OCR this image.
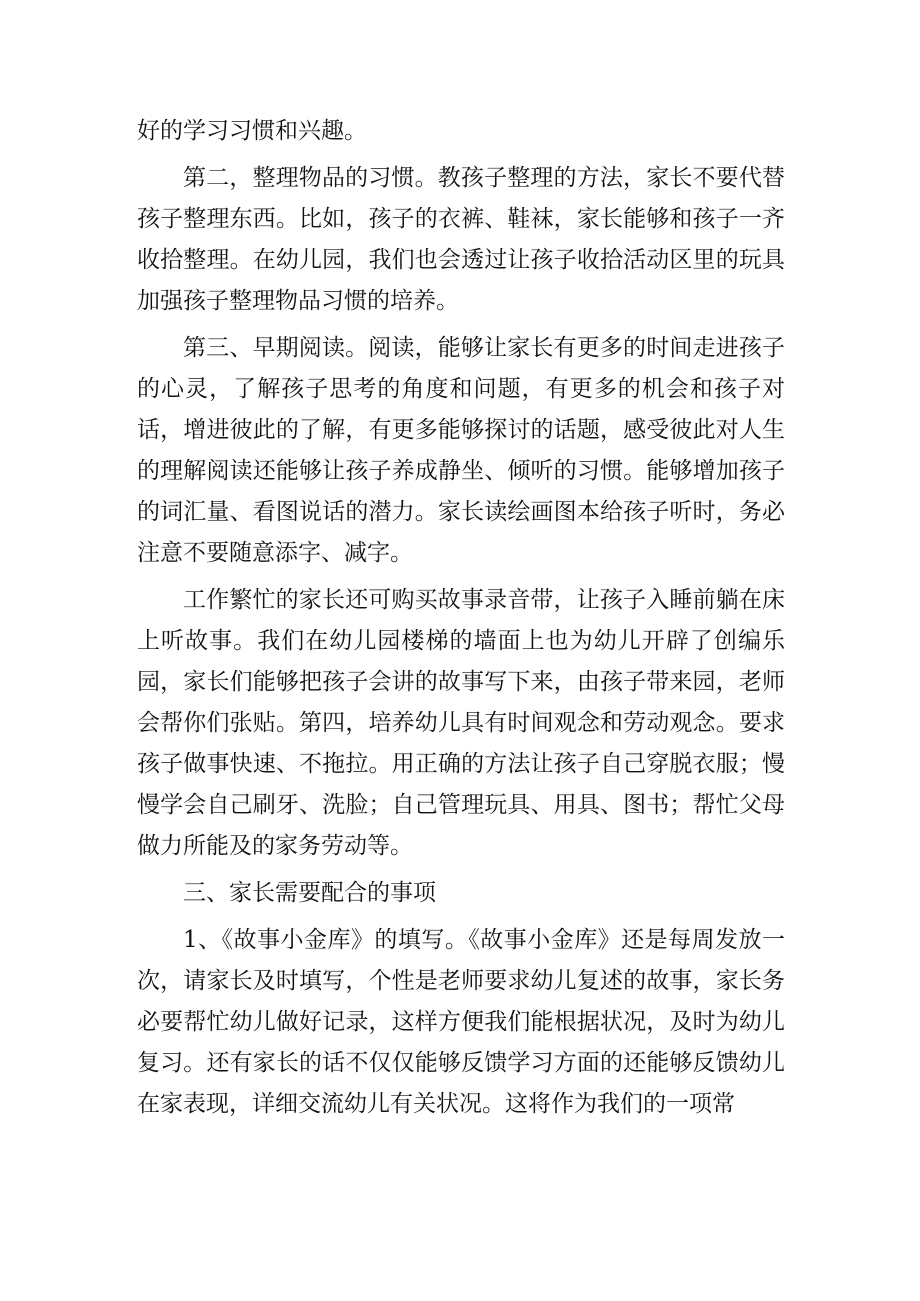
好的学习习惯和兴趣。

第二，整理物品的习惯。教孩子整理的方法，家长不要代替孩子整理东西。比如，孩子的衣裤、鞋袜，家长能够和孩子一齐收拾整理。在幼儿园，我们也会透过让孩子收拾活动区里的玩具加强孩子整理物品习惯的培养。

第三、早期阅读。阅读，能够让家长有更多的时间走进孩子的心灵，了解孩子思考的角度和问题，有更多的机会和孩子对话，增进彼此的了解，有更多能够探讨的话题，感受彼此对人生的理解阅读还能够让孩子养成静坐、倾听的习惯。能够增加孩子的词汇量、看图说话的潜力。家长读绘画图本给孩子听时，务必注意不要随意添字、减字。

工作繁忙的家长还可购买故事录音带，让孩子入睡前躺在床上听故事。我们在幼儿园楼梯的墙面上也为幼儿开辟了创编乐园，家长们能够把孩子会讲的故事写下来，由孩子带来园，老师会帮你们张贴。第四，培养幼儿具有时间观念和劳动观念。要求孩子做事快速、不拖拉。用正确的方法让孩子自己穿脱衣服；慢慢学会自己刷牙、洗脸；自己管理玩具、用具、图书；帮忙父母做力所能及的家务劳动等。

三、家长需要配合的事项

1、《故事小金库》的填写。《故事小金库》还是每周发放一次，请家长及时填写，个性是老师要求幼儿复述的故事，家长务必要帮忙幼儿做好记录，这样方便我们能根据状况，及时为幼儿复习。还有家长的话不仅仅能够反馈学习方面的还能够反馈幼儿在家表现，详细交流幼儿有关状况。这将作为我们的一项常
